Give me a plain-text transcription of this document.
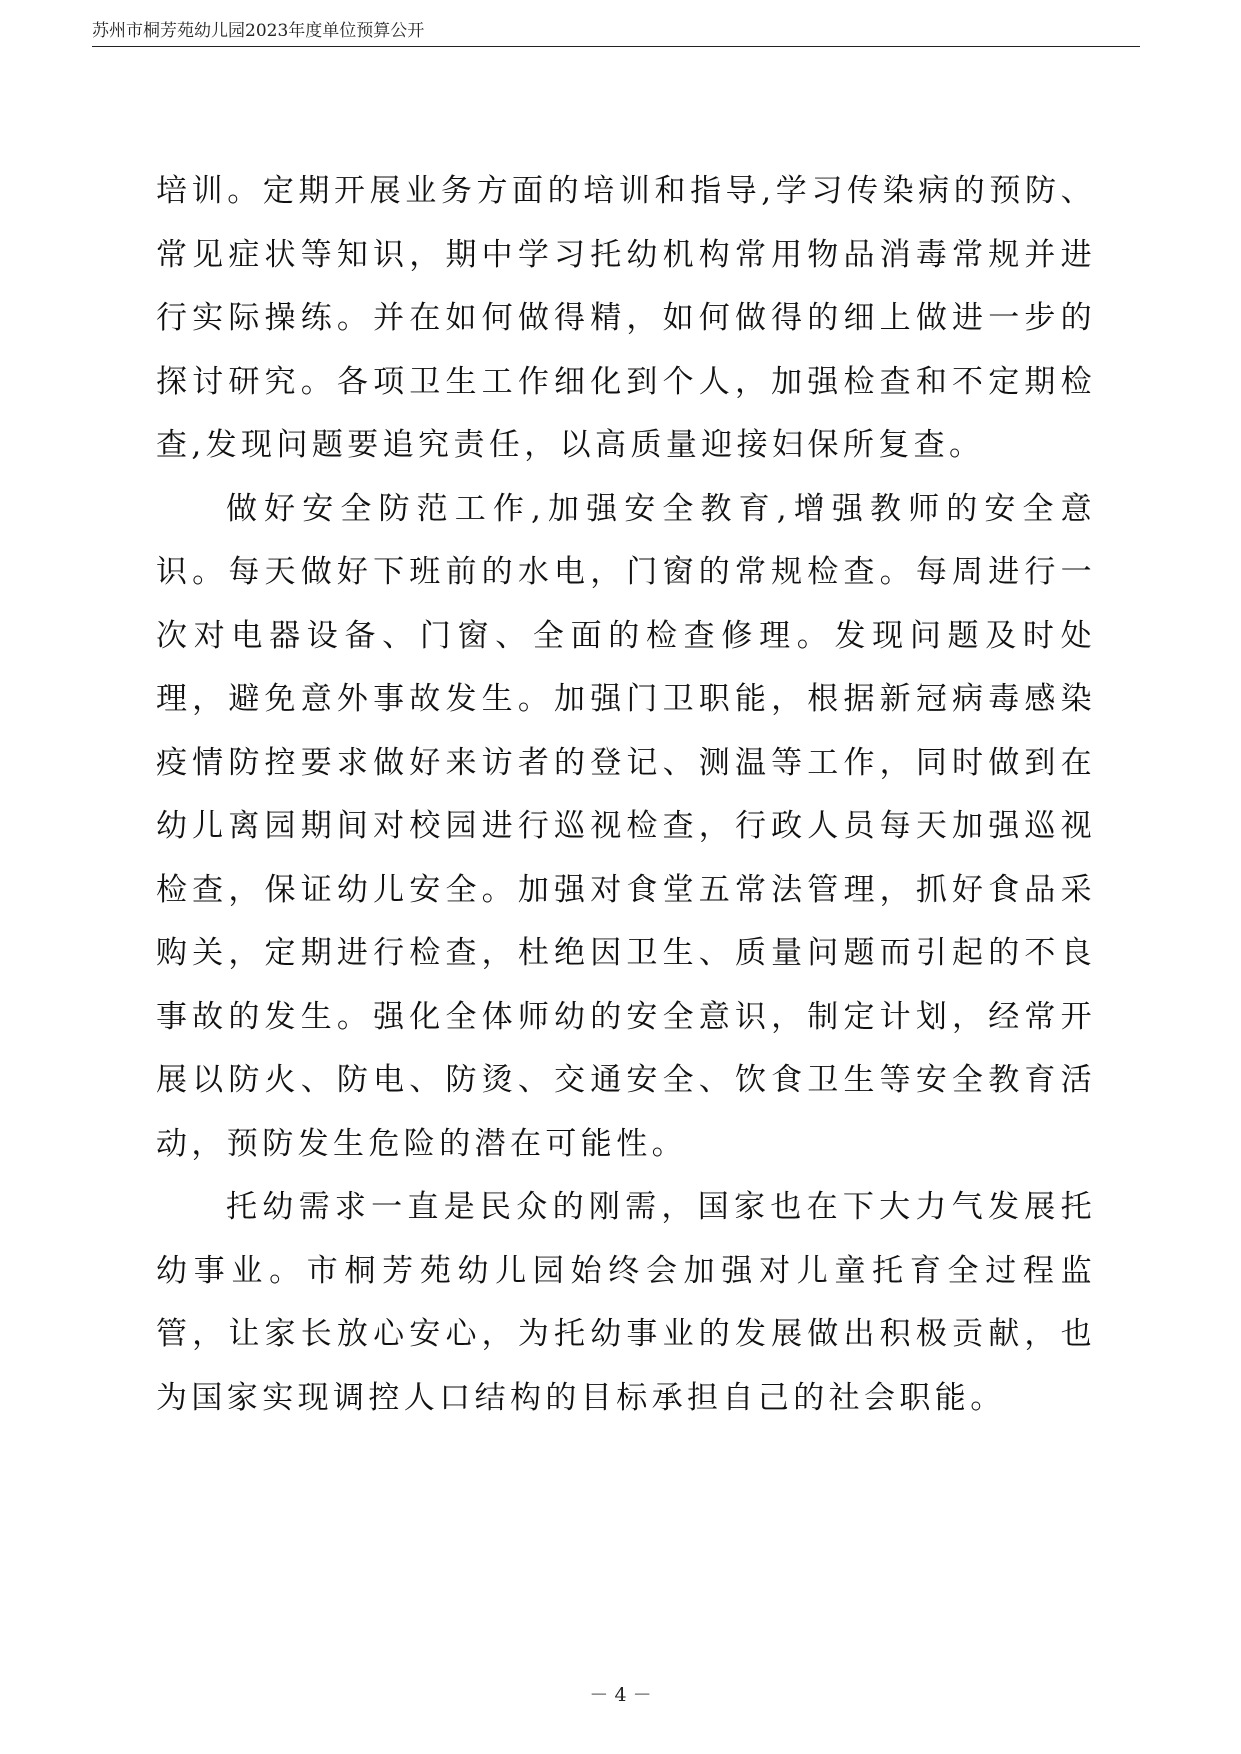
苏州市桐芳苑幼儿园2023年度单位预算公开

培训。定期开展业务方面的培训和指导,学习传染病的预防、常见症状等知识，期中学习托幼机构常用物品消毒常规并进行实际操练。并在如何做得精，如何做得的细上做进一步的探讨研究。各项卫生工作细化到个人，加强检查和不定期检查,发现问题要追究责任，以高质量迎接妇保所复查。

做好安全防范工作,加强安全教育,增强教师的安全意识。每天做好下班前的水电，门窗的常规检查。每周进行一次对电器设备、门窗、全面的检查修理。发现问题及时处理，避免意外事故发生。加强门卫职能，根据新冠病毒感染疫情防控要求做好来访者的登记、测温等工作，同时做到在幼儿离园期间对校园进行巡视检查，行政人员每天加强巡视检查，保证幼儿安全。加强对食堂五常法管理，抓好食品采购关，定期进行检查，杜绝因卫生、质量问题而引起的不良事故的发生。强化全体师幼的安全意识，制定计划，经常开展以防火、防电、防烫、交通安全、饮食卫生等安全教育活动，预防发生危险的潜在可能性。

托幼需求一直是民众的刚需，国家也在下大力气发展托幼事业。市桐芳苑幼儿园始终会加强对儿童托育全过程监管，让家长放心安心，为托幼事业的发展做出积极贡献，也为国家实现调控人口结构的目标承担自己的社会职能。

－ 4 －
